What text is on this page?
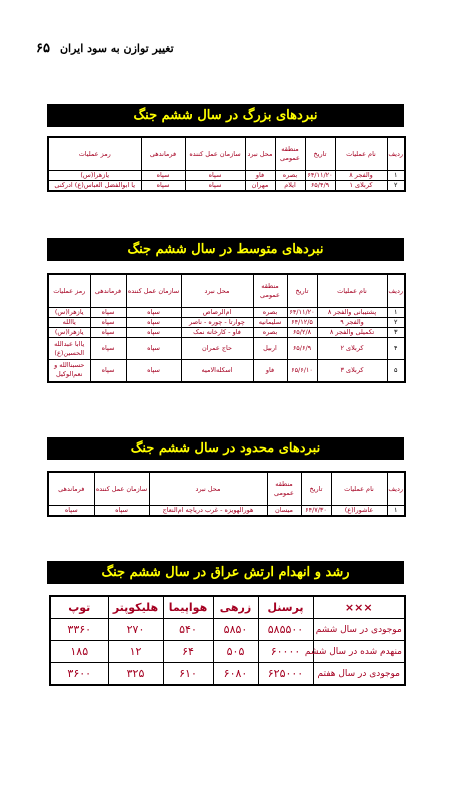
۶۵ تغییر توازن به سود ایران
نبردهای بزرگ در سال ششم جنگ
ردیف	نام عملیات	تاریخ	منطقه عمومی	محل نبرد	سازمان عمل کننده	فرماندهی	رمز عملیات
۱	والفجر ۸	۶۴/۱۱/۲۰	بصره	فاو	سپاه	سپاه	یازهرا(س)
۲	کربلای ۱	۶۵/۴/۹	ایلام	مهران	سپاه	سپاه	یا ابوالفضل العباس(ع) ادرکنی
نبردهای متوسط در سال ششم جنگ
ردیف	نام عملیات	تاریخ	منطقه عمومی	محل نبرد	سازمان عمل کننده	فرماندهی	رمز عملیات
۱	پشتیبانی والفجر ۸	۶۴/۱۱/۲۰	بصره	ام‌الرصاص	سپاه	سپاه	یازهرا(س)
۲	والفجر ۹	۶۴/۱۲/۵	سلیمانیه	چوارتا - چوره - ناصر	سپاه	سپاه	یاالله
۳	تکمیلی والفجر ۸	۶۵/۲/۸	بصره	فاو - کارخانه نمک	سپاه	سپاه	یازهرا(س)
۴	کربلای ۲	۶۵/۶/۹	اربیل	حاج عمران	سپاه	سپاه	یاابا عبدالله الحسین(ع)
۵	کربلای ۳	۶۵/۶/۱۰	فاو	اسکله‌الامیه	سپاه	سپاه	حسبناالله و نعم‌الوکیل
نبردهای محدود در سال ششم جنگ
ردیف	نام عملیات	تاریخ	منطقه عمومی	محل نبرد	سازمان عمل کننده	فرماندهی
۱	عاشورا(ع)	۶۴/۷/۳۰	میسان	هورالهویزه - غرب دریاچه ام‌النعاج	سپاه	سپاه
رشد و انهدام ارتش عراق در سال ششم جنگ
×××	پرسنل	زرهی	هواپیما	هلیکوپتر	توپ
موجودی در سال ششم	۵۸۵۵۰۰	۵۸۵۰	۵۴۰	۲۷۰	۳۳۶۰
منهدم شده در سال ششم	۶۰۰۰۰	۵۰۵	۶۴	۱۲	۱۸۵
موجودی در سال هفتم	۶۲۵۰۰۰	۶۰۸۰	۶۱۰	۳۲۵	۳۶۰۰
